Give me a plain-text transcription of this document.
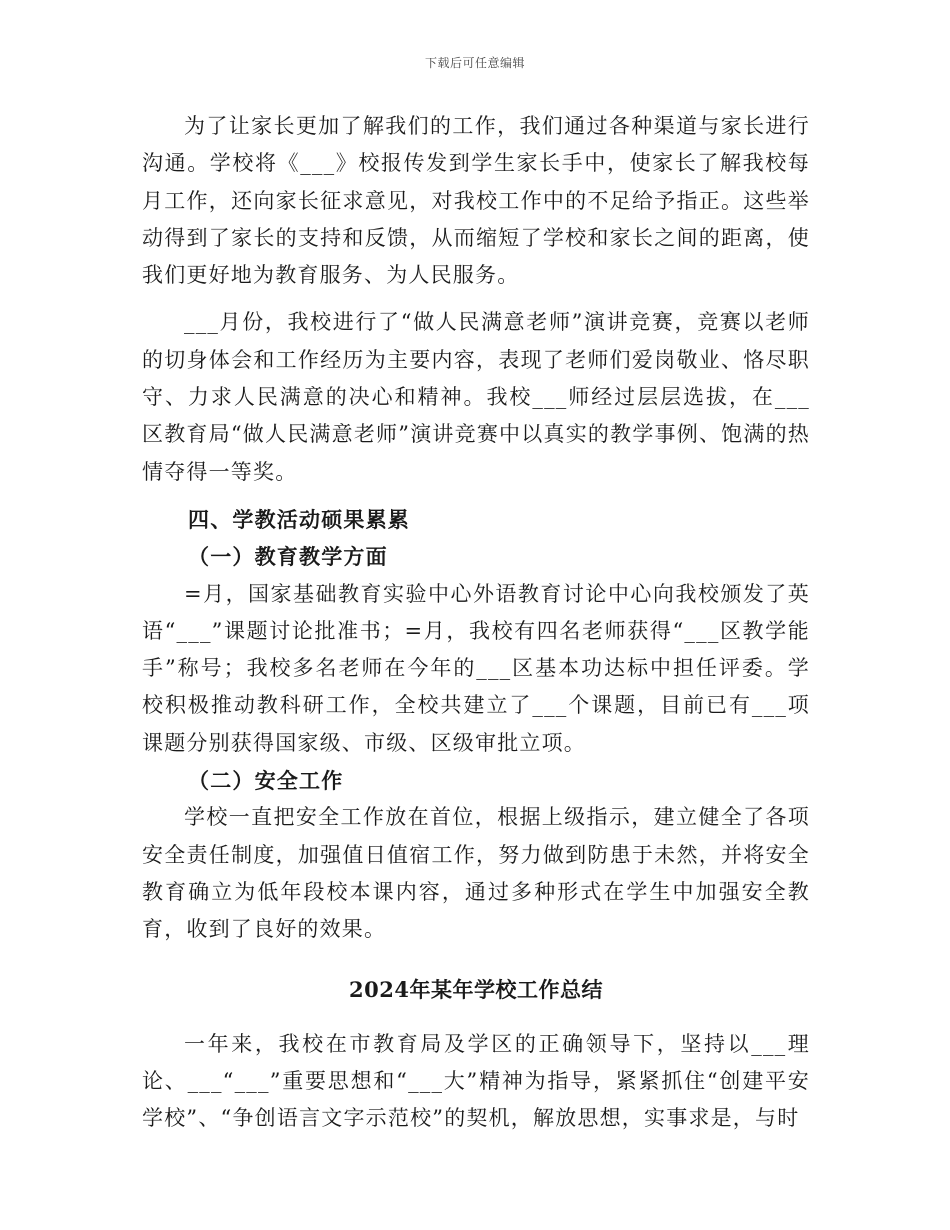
下载后可任意编辑

为了让家长更加了解我们的工作，我们通过各种渠道与家长进行沟通。学校将《___》校报传发到学生家长手中，使家长了解我校每月工作，还向家长征求意见，对我校工作中的不足给予指正。这些举动得到了家长的支持和反馈，从而缩短了学校和家长之间的距离，使我们更好地为教育服务、为人民服务。

___月份，我校进行了“做人民满意老师”演讲竞赛，竞赛以老师的切身体会和工作经历为主要内容，表现了老师们爱岗敬业、恪尽职守、力求人民满意的决心和精神。我校___师经过层层选拔，在___区教育局“做人民满意老师”演讲竞赛中以真实的教学事例、饱满的热情夺得一等奖。

四、学教活动硕果累累

（一）教育教学方面

=月，国家基础教育实验中心外语教育讨论中心向我校颁发了英语“___”课题讨论批准书；=月，我校有四名老师获得“___区教学能手”称号；我校多名老师在今年的___区基本功达标中担任评委。学校积极推动教科研工作，全校共建立了___个课题，目前已有___项课题分别获得国家级、市级、区级审批立项。

（二）安全工作

学校一直把安全工作放在首位，根据上级指示，建立健全了各项安全责任制度，加强值日值宿工作，努力做到防患于未然，并将安全教育确立为低年段校本课内容，通过多种形式在学生中加强安全教育，收到了良好的效果。

2024年某年学校工作总结

一年来，我校在市教育局及学区的正确领导下，坚持以___理论、___“___”重要思想和“___大”精神为指导，紧紧抓住“创建平安学校”、“争创语言文字示范校”的契机，解放思想，实事求是，与时
